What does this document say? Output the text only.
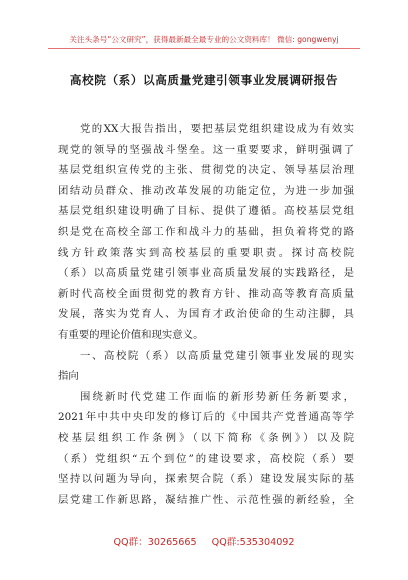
关注头条号“公文研究”，获得最新最全最专业的公文资料库！ 微信: gongwenyj
高校院（系）以高质量党建引领事业发展调研报告
党的XX大报告指出，要把基层党组织建设成为有效实
现党的领导的坚强战斗堡垒。这一重要要求，鲜明强调了
基层党组织宣传党的主张、贯彻党的决定、领导基层治理
团结动员群众、推动改革发展的功能定位，为进一步加强
基层党组织建设明确了目标、提供了遵循。高校基层党组
织是党在高校全部工作和战斗力的基础，担负着将党的路
线方针政策落实到高校基层的重要职责。探讨高校院
（系）以高质量党建引领事业高质量发展的实践路径，是
新时代高校全面贯彻党的教育方针、推动高等教育高质量
发展，落实为党育人、为国育才政治使命的生动注脚，具
有重要的理论价值和现实意义。
一、高校院（系）以高质量党建引领事业发展的现实
指向
围绕新时代党建工作面临的新形势新任务新要求，
2021年中共中央印发的修订后的《中国共产党普通高等学
校基层组织工作条例》（以下简称《条例》）以及院
（系）党组织“五个到位”的建设要求，高校院（系）要
坚持以问题为导向，探索契合院（系）建设发展实际的基
层党建工作新思路，凝结推广性、示范性强的新经验，全
QQ群：30265665 QQ群:535304092
